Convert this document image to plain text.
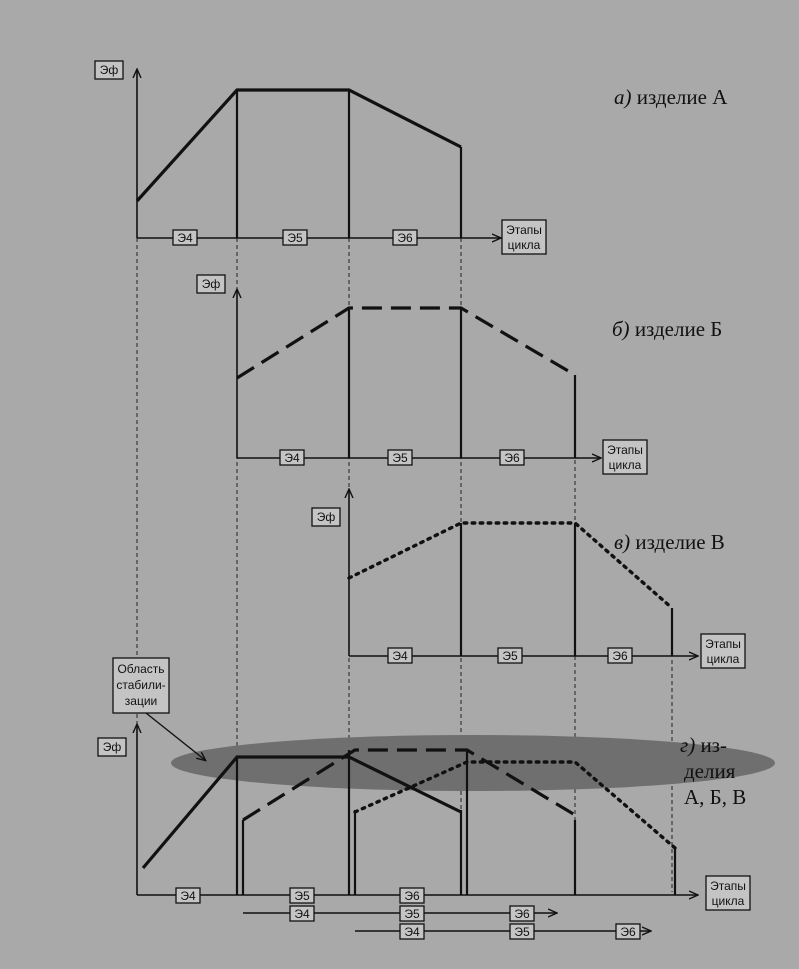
Эф
Этапы
цикла
Э4	Э5	Э6
а) изделие А
Эф
Этапы
цикла
Э4	Э5	Э6
б) изделие Б
Эф
Этапы
цикла
Э4	Э5	Э6
в) изделие В
Эф
Этапы
цикла
Э4	Э5	Э6
Э4	Э5	Э6
Э4	Э5	Э6
Область
стабили-
зации
г) из-
делия
А, Б, В
